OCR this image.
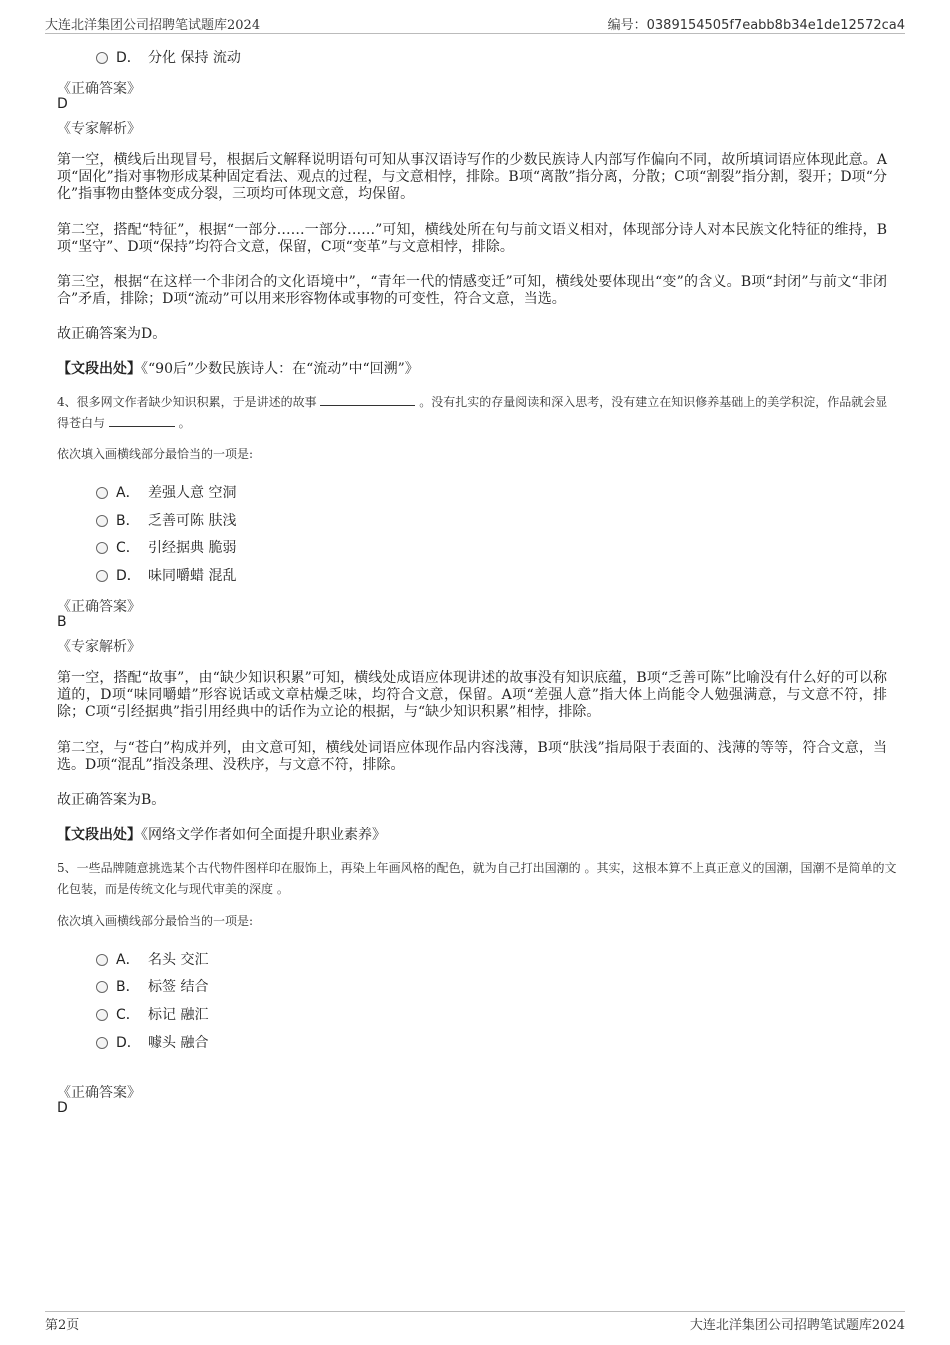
大连北洋集团公司招聘笔试题库2024	编号：0389154505f7eabb8b34e1de12572ca4
D． 分化 保持 流动
《正确答案》
D
《专家解析》
第一空，横线后出现冒号，根据后文解释说明语句可知从事汉语诗写作的少数民族诗人内部写作偏向不同，故所填词语应体现此意。A项“固化”指对事物形成某种固定看法、观点的过程，与文意相悖，排除。B项“离散”指分离，分散；C项“割裂”指分割，裂开；D项“分化”指事物由整体变成分裂，三项均可体现文意，均保留。
第二空，搭配“特征”，根据“一部分……一部分……”可知，横线处所在句与前文语义相对，体现部分诗人对本民族文化特征的维持，B项“坚守”、D项“保持”均符合文意，保留，C项“变革”与文意相悖，排除。
第三空，根据“在这样一个非闭合的文化语境中”，“青年一代的情感变迁”可知，横线处要体现出“变”的含义。B项“封闭”与前文“非闭合”矛盾，排除；D项“流动”可以用来形容物体或事物的可变性，符合文意，当选。
故正确答案为D。
【文段出处】《“90后”少数民族诗人：在“流动”中“回溯”》
4、很多网文作者缺少知识积累，于是讲述的故事	。没有扎实的存量阅读和深入思考，没有建立在知识修养基础上的美学积淀，作品就会显得苍白与	。
依次填入画横线部分最恰当的一项是:
A． 差强人意 空洞
B． 乏善可陈 肤浅
C． 引经据典 脆弱
D． 味同嚼蜡 混乱
《正确答案》
B
《专家解析》
第一空，搭配“故事”，由“缺少知识积累”可知，横线处成语应体现讲述的故事没有知识底蕴，B项“乏善可陈”比喻没有什么好的可以称道的，D项“味同嚼蜡”形容说话或文章枯燥乏味，均符合文意，保留。A项“差强人意”指大体上尚能令人勉强满意，与文意不符，排除；C项“引经据典”指引用经典中的话作为立论的根据，与“缺少知识积累”相悖，排除。
第二空，与“苍白”构成并列，由文意可知，横线处词语应体现作品内容浅薄，B项“肤浅”指局限于表面的、浅薄的等等，符合文意，当选。D项“混乱”指没条理、没秩序，与文意不符，排除。
故正确答案为B。
【文段出处】《网络文学作者如何全面提升职业素养》
5、一些品牌随意挑选某个古代物件图样印在服饰上，再染上年画风格的配色，就为自己打出国潮的 。其实，这根本算不上真正意义的国潮，国潮不是简单的文化包装，而是传统文化与现代审美的深度 。
依次填入画横线部分最恰当的一项是:
A． 名头 交汇
B． 标签 结合
C． 标记 融汇
D． 噱头 融合
《正确答案》
D
第2页	大连北洋集团公司招聘笔试题库2024
